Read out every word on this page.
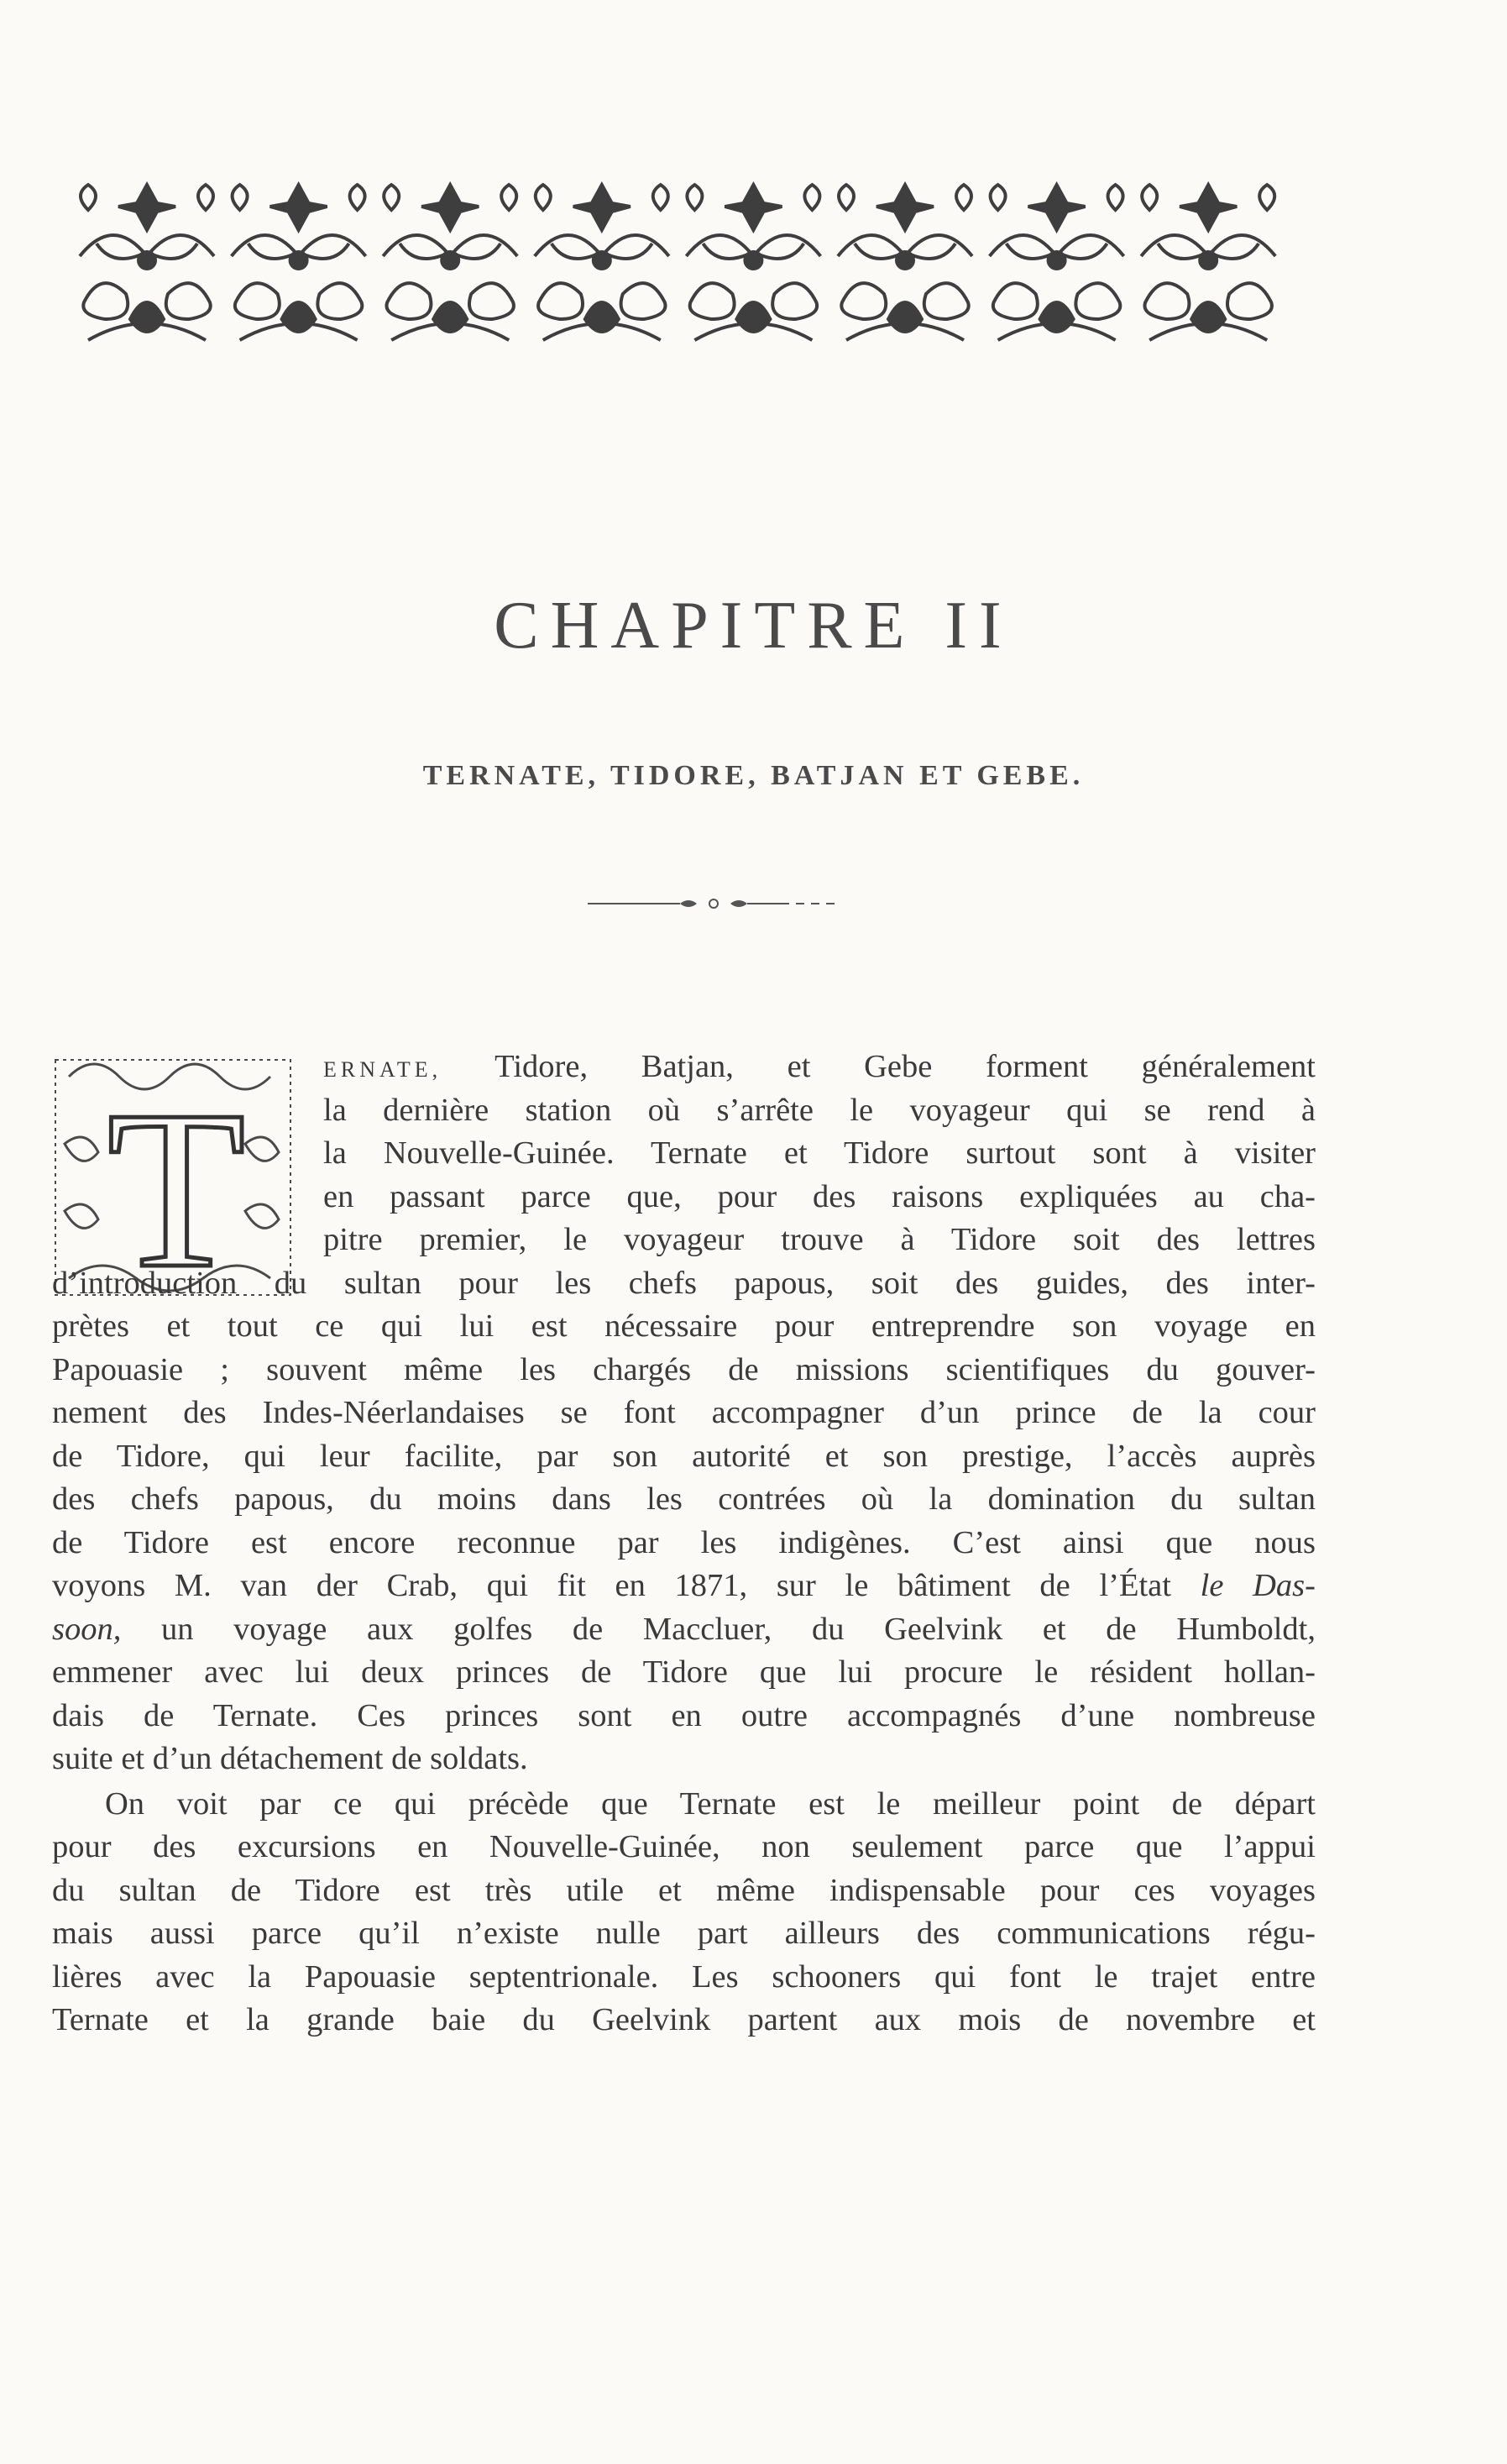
CHAPITRE II
TERNATE, TIDORE, BATJAN ET GEBE.
T	ERNATE, Tidore, Batjan, et Gebe forment généralement
la dernière station où s’arrête le voyageur qui se rend à
la Nouvelle-Guinée. Ternate et Tidore surtout sont à visiter
en passant parce que, pour des raisons expliquées au cha-
pitre premier, le voyageur trouve à Tidore soit des lettres
d’introduction du sultan pour les chefs papous, soit des guides, des inter-
prètes et tout ce qui lui est nécessaire pour entreprendre son voyage en
Papouasie ; souvent même les chargés de missions scientifiques du gouver-
nement des Indes-Néerlandaises se font accompagner d’un prince de la cour
de Tidore, qui leur facilite, par son autorité et son prestige, l’accès auprès
des chefs papous, du moins dans les contrées où la domination du sultan
de Tidore est encore reconnue par les indigènes. C’est ainsi que nous
voyons M. van der Crab, qui fit en 1871, sur le bâtiment de l’État le Das-
soon, un voyage aux golfes de Maccluer, du Geelvink et de Humboldt,
emmener avec lui deux princes de Tidore que lui procure le résident hollan-
dais de Ternate. Ces princes sont en outre accompagnés d’une nombreuse
suite et d’un détachement de soldats.
On voit par ce qui précède que Ternate est le meilleur point de départ
pour des excursions en Nouvelle-Guinée, non seulement parce que l’appui
du sultan de Tidore est très utile et même indispensable pour ces voyages
mais aussi parce qu’il n’existe nulle part ailleurs des communications régu-
lières avec la Papouasie septentrionale. Les schooners qui font le trajet entre
Ternate et la grande baie du Geelvink partent aux mois de novembre et
